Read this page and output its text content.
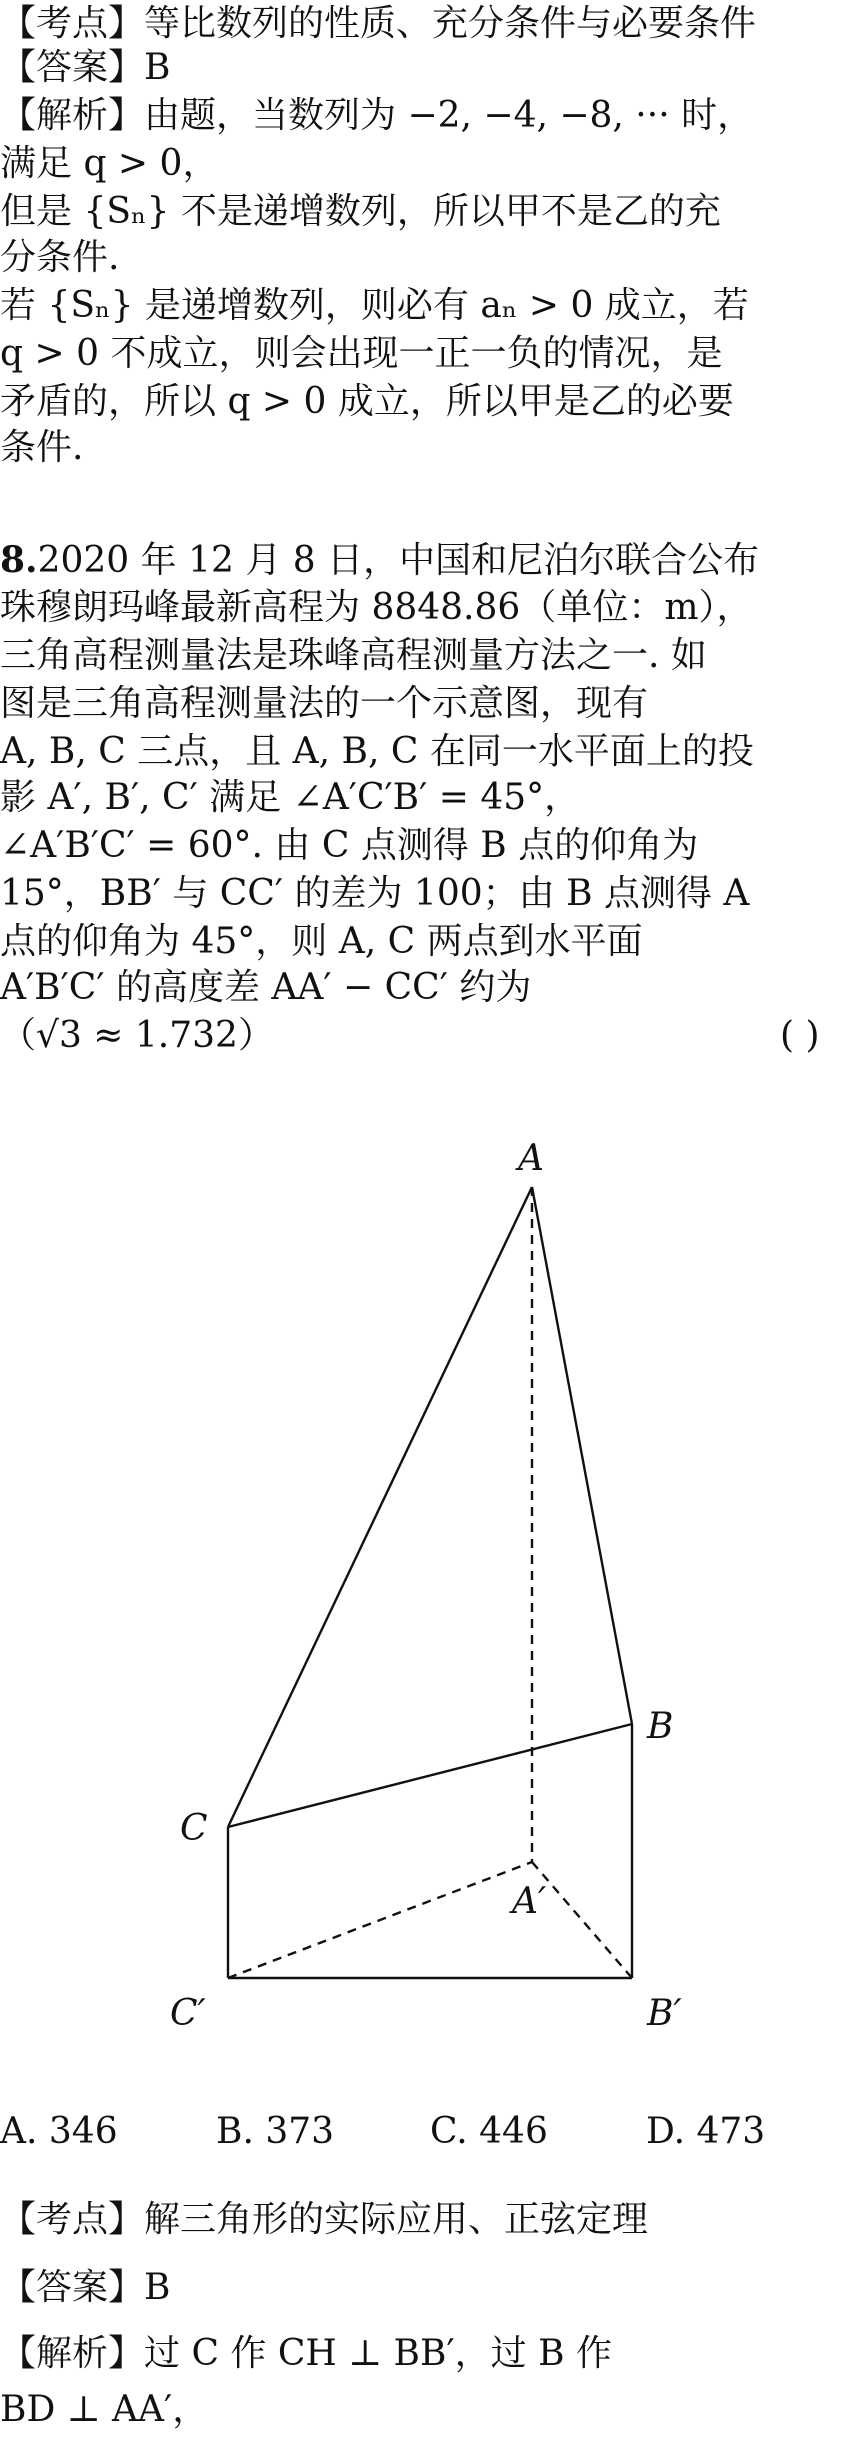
【考点】等比数列的性质、充分条件与必要条件
【答案】B
【解析】由题，当数列为 −2, −4, −8, ··· 时，
满足 q > 0，
但是 {Sₙ} 不是递增数列，所以甲不是乙的充
分条件.
若 {Sₙ} 是递增数列，则必有 aₙ > 0 成立，若
q > 0 不成立，则会出现一正一负的情况，是
矛盾的，所以 q > 0 成立，所以甲是乙的必要
条件.
8.2020 年 12 月 8 日，中国和尼泊尔联合公布
珠穆朗玛峰最新高程为 8848.86（单位：m），
三角高程测量法是珠峰高程测量方法之一. 如
图是三角高程测量法的一个示意图，现有
A, B, C 三点，且 A, B, C 在同一水平面上的投
影 A′, B′, C′ 满足 ∠A′C′B′ = 45°，
∠A′B′C′ = 60°. 由 C 点测得 B 点的仰角为
15°，BB′ 与 CC′ 的差为 100；由 B 点测得 A
点的仰角为 45°，则 A, C 两点到水平面
A′B′C′ 的高度差 AA′ − CC′ 约为
（√3 ≈ 1.732）	( )
A
B
C
A′
C′	B′
A. 346	B. 373	C. 446	D. 473
【考点】解三角形的实际应用、正弦定理
【答案】B
【解析】过 C 作 CH ⊥ BB′，过 B 作
BD ⊥ AA′，
